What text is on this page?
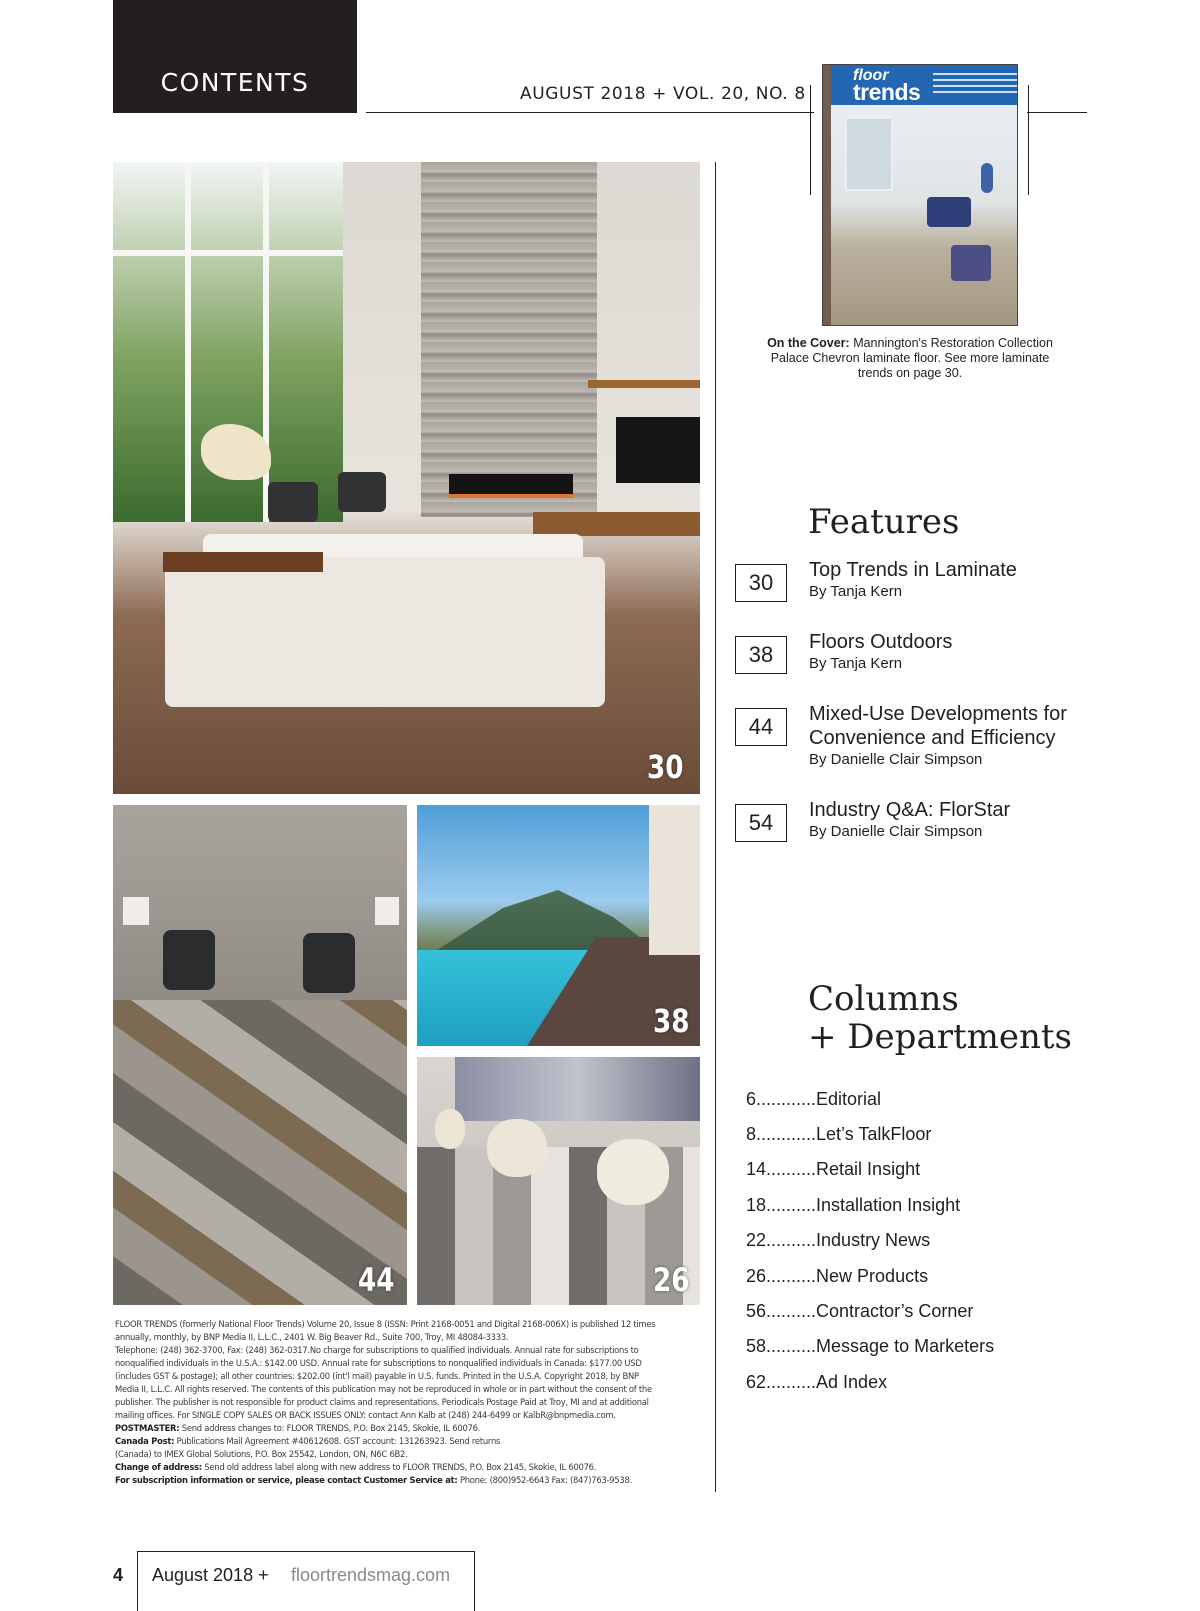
CONTENTS	AUGUST 2018 + VOL. 20, NO. 8
floor
trends
On the Cover: Mannington's Restoration Collection Palace Chevron laminate floor. See more laminate trends on page 30.
30
44
38
26
Features
30	Top Trends in Laminate
By Tanja Kern
38	Floors Outdoors
By Tanja Kern
44	Mixed-Use Developments for Convenience and Efficiency
By Danielle Clair Simpson
54	Industry Q&A: FlorStar
By Danielle Clair Simpson
Columns
+ Departments
6............Editorial
8............Let’s TalkFloor
14..........Retail Insight
18..........Installation Insight
22..........Industry News
26..........New Products
56..........Contractor’s Corner
58..........Message to Marketers
62..........Ad Index

FLOOR TRENDS (formerly National Floor Trends) Volume 20, Issue 8 (ISSN: Print 2168-0051 and Digital 2168-006X) is published 12 times

annually, monthly, by BNP Media II, L.L.C., 2401 W. Big Beaver Rd., Suite 700, Troy, MI 48084-3333.

Telephone: (248) 362-3700, Fax: (248) 362-0317.No charge for subscriptions to qualified individuals. Annual rate for subscriptions to

nonqualified individuals in the U.S.A.: $142.00 USD. Annual rate for subscriptions to nonqualified individuals in Canada: $177.00 USD

(includes GST & postage); all other countries: $202.00 (int'l mail) payable in U.S. funds. Printed in the U.S.A. Copyright 2018, by BNP

Media II, L.L.C. All rights reserved. The contents of this publication may not be reproduced in whole or in part without the consent of the

publisher. The publisher is not responsible for product claims and representations. Periodicals Postage Paid at Troy, MI and at additional

mailing offices. For SINGLE COPY SALES OR BACK ISSUES ONLY: contact Ann Kalb at (248) 244-6499 or KalbR@bnpmedia.com.

POSTMASTER: Send address changes to: FLOOR TRENDS, P.O. Box 2145, Skokie, IL 60076.

Canada Post: Publications Mail Agreement #40612608. GST account: 131263923. Send returns

(Canada) to IMEX Global Solutions, P.O. Box 25542, London, ON, N6C 6B2.

Change of address: Send old address label along with new address to FLOOR TRENDS, P.O. Box 2145, Skokie, IL 60076.

For subscription information or service, please contact Customer Service at: Phone: (800)952-6643 Fax: (847)763-9538.

4 August 2018 + floortrendsmag.com
